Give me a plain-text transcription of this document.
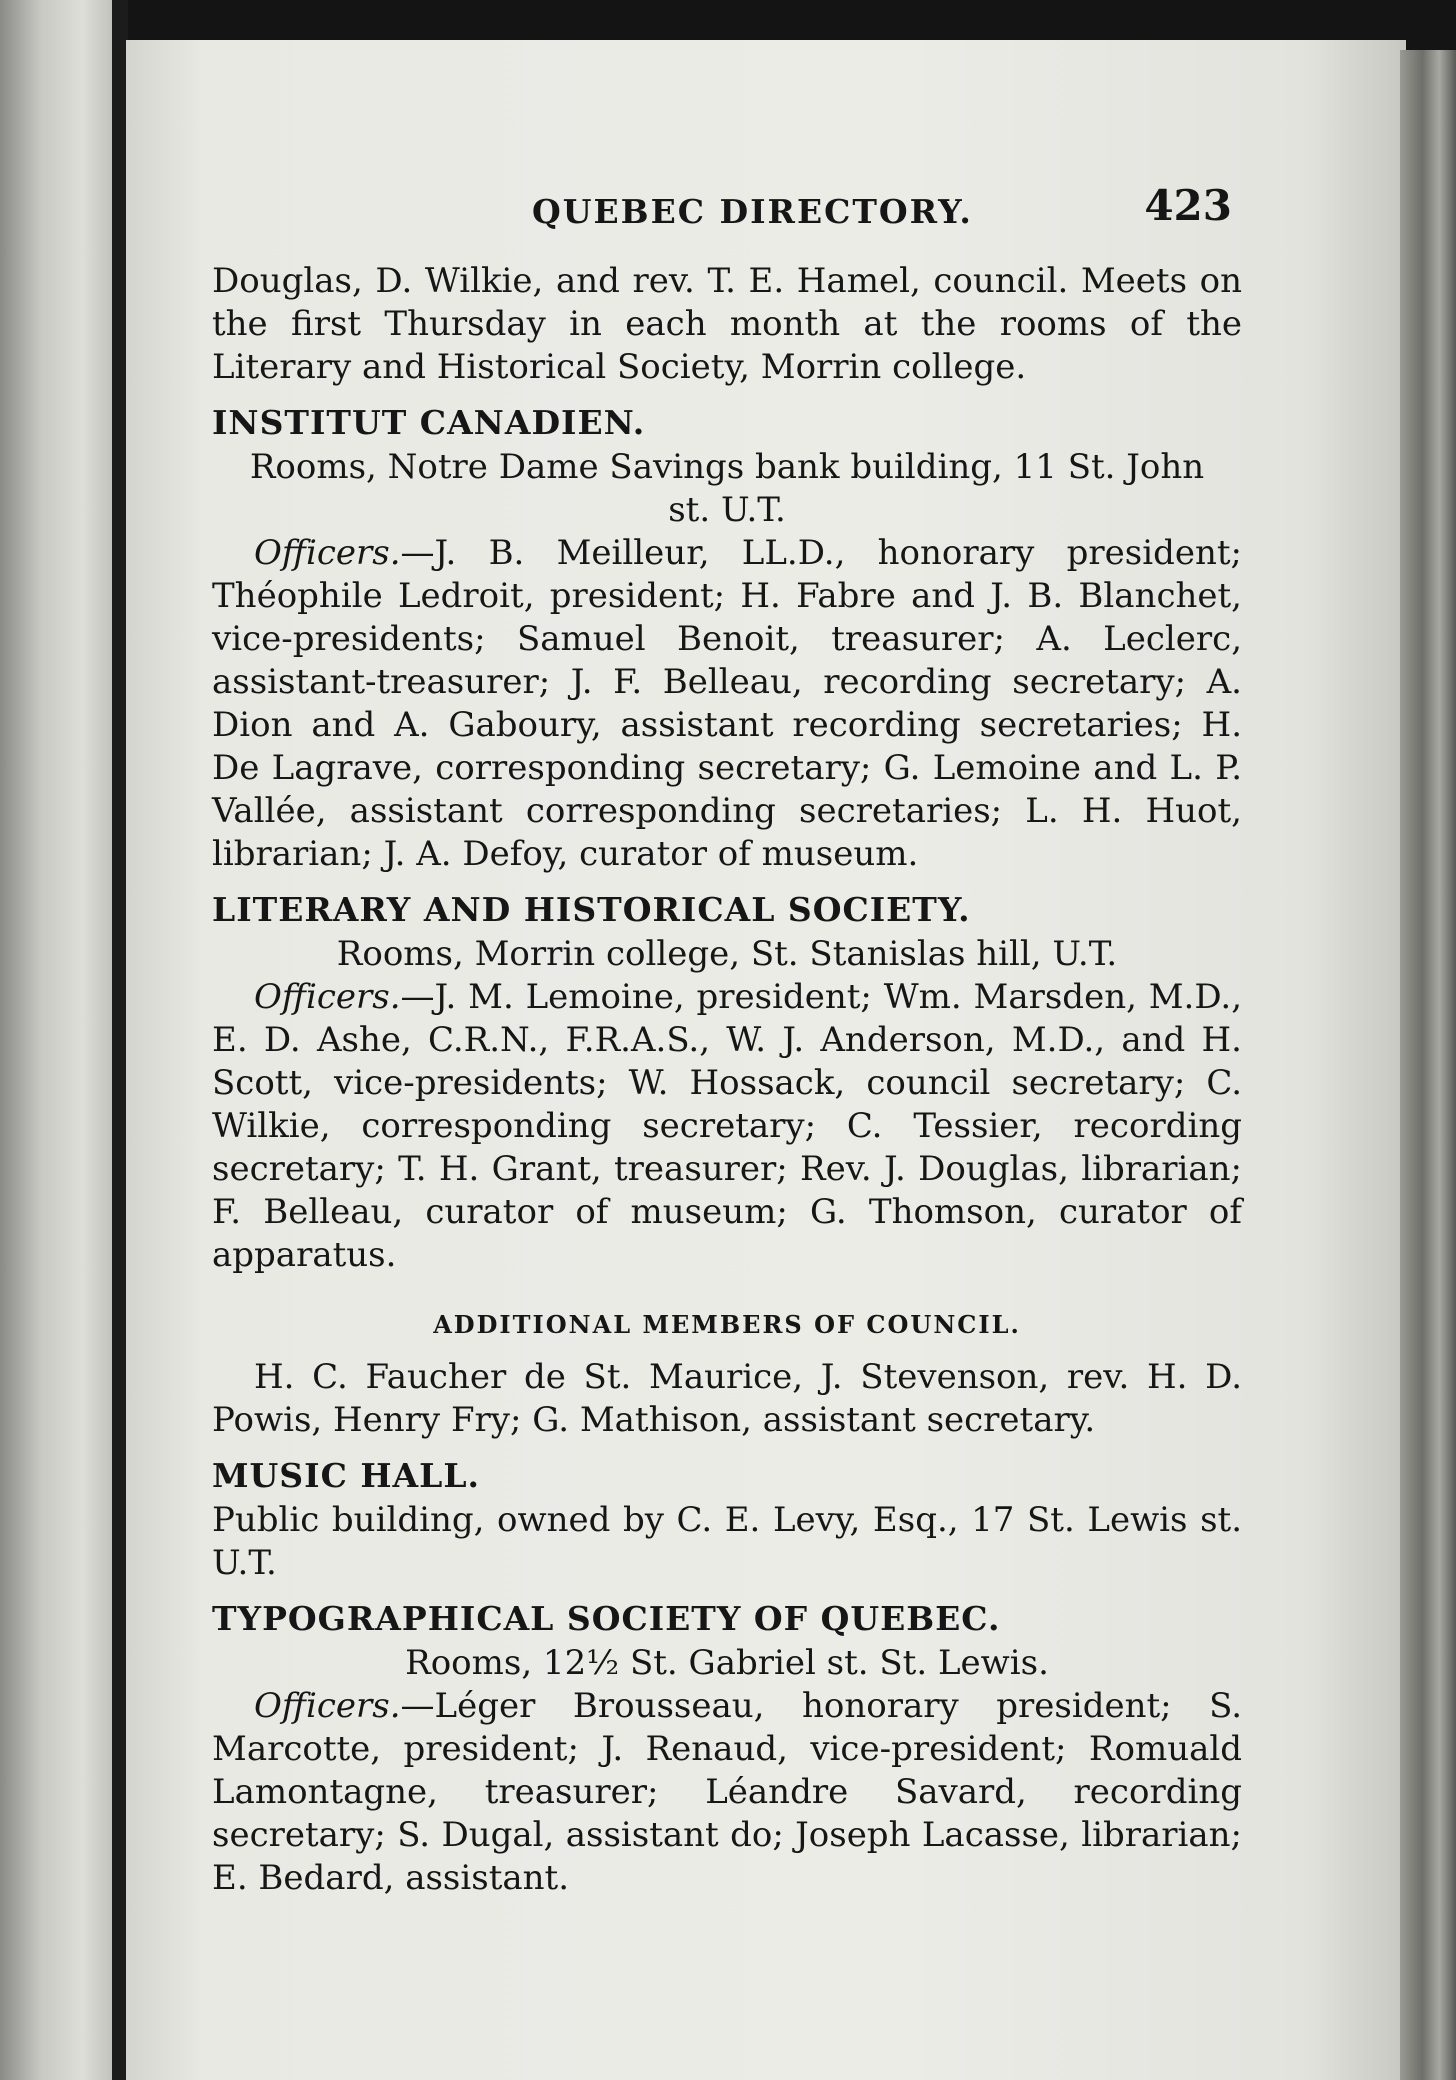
QUEBEC DIRECTORY.	423

Douglas, D. Wilkie, and rev. T. E. Hamel, council. Meets on the first Thursday in each month at the rooms of the Literary and Historical Society, Morrin college.

INSTITUT CANADIEN.

Rooms, Notre Dame Savings bank building, 11 St. John st. U.T.

Officers.—J. B. Meilleur, LL.D., honorary president; Théophile Ledroit, president; H. Fabre and J. B. Blanchet, vice-presidents; Samuel Benoit, treasurer; A. Leclerc, assistant-treasurer; J. F. Belleau, recording secretary; A. Dion and A. Gaboury, assistant recording secretaries; H. De Lagrave, corresponding secretary; G. Lemoine and L. P. Vallée, assistant corresponding secretaries; L. H. Huot, librarian; J. A. Defoy, curator of museum.

LITERARY AND HISTORICAL SOCIETY.

Rooms, Morrin college, St. Stanislas hill, U.T.

Officers.—J. M. Lemoine, president; Wm. Marsden, M.D., E. D. Ashe, C.R.N., F.R.A.S., W. J. Anderson, M.D., and H. Scott, vice-presidents; W. Hossack, council secretary; C. Wilkie, corresponding secretary; C. Tessier, recording secretary; T. H. Grant, treasurer; Rev. J. Douglas, librarian; F. Belleau, curator of museum; G. Thomson, curator of apparatus.

ADDITIONAL MEMBERS OF COUNCIL.

H. C. Faucher de St. Maurice, J. Stevenson, rev. H. D. Powis, Henry Fry; G. Mathison, assistant secretary.

MUSIC HALL.

Public building, owned by C. E. Levy, Esq., 17 St. Lewis st. U.T.

TYPOGRAPHICAL SOCIETY OF QUEBEC.

Rooms, 12½ St. Gabriel st. St. Lewis.

Officers.—Léger Brousseau, honorary president; S. Marcotte, president; J. Renaud, vice-president; Romuald Lamontagne, treasurer; Léandre Savard, recording secretary; S. Dugal, assistant do; Joseph Lacasse, librarian; E. Bedard, assistant.
